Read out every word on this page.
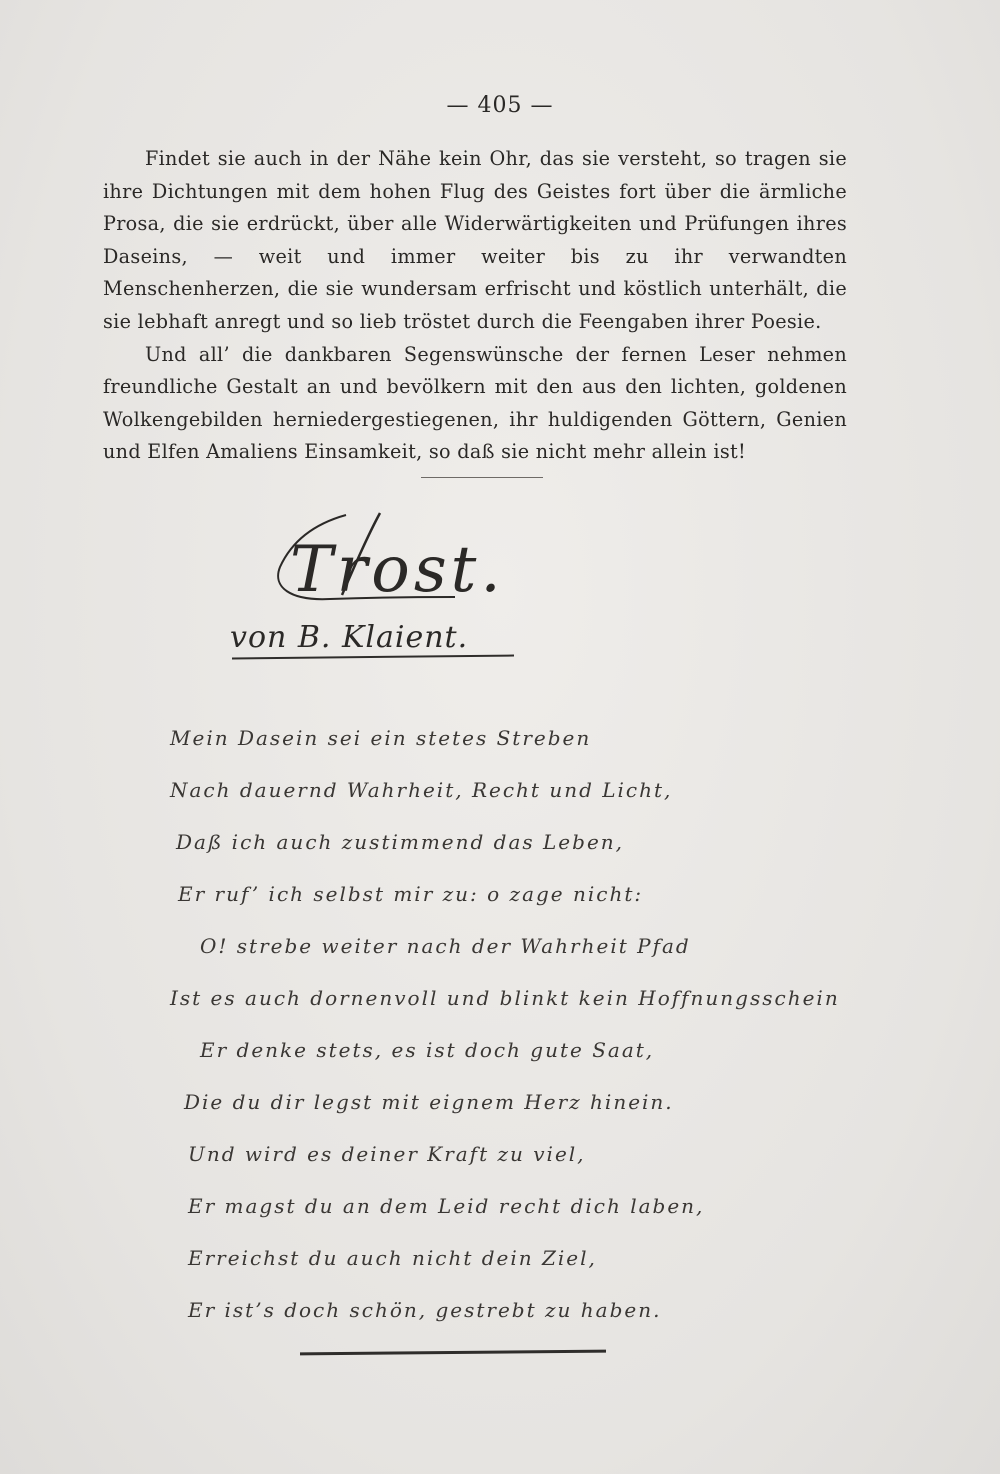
— 405 —

Findet sie auch in der Nähe kein Ohr, das sie versteht, so tragen sie ihre Dichtungen mit dem hohen Flug des Geistes fort über die ärmliche Prosa, die sie erdrückt, über alle Widerwärtigkeiten und Prüfungen ihres Daseins, — weit und immer weiter bis zu ihr verwandten Menschenherzen, die sie wundersam erfrischt und köstlich unterhält, die sie lebhaft anregt und so lieb tröstet durch die Feengaben ihrer Poesie.

Und all’ die dankbaren Segenswünsche der fernen Leser nehmen freundliche Gestalt an und bevölkern mit den aus den lichten, goldenen Wolkengebilden herniedergestiegenen, ihr huldigenden Göttern, Genien und Elfen Amaliens Einsamkeit, so daß sie nicht mehr allein ist!

Trost.
von B. Klaient.
Mein Dasein sei ein stetes Streben
Nach dauernd Wahrheit, Recht und Licht,
Daß ich auch zustimmend das Leben,
Er ruf’ ich selbst mir zu: o zage nicht:
O! strebe weiter nach der Wahrheit Pfad
Ist es auch dornenvoll und blinkt kein Hoffnungsschein
Er denke stets, es ist doch gute Saat,
Die du dir legst mit eignem Herz hinein.
Und wird es deiner Kraft zu viel,
Er magst du an dem Leid recht dich laben,
Erreichst du auch nicht dein Ziel,
Er ist’s doch schön, gestrebt zu haben.
